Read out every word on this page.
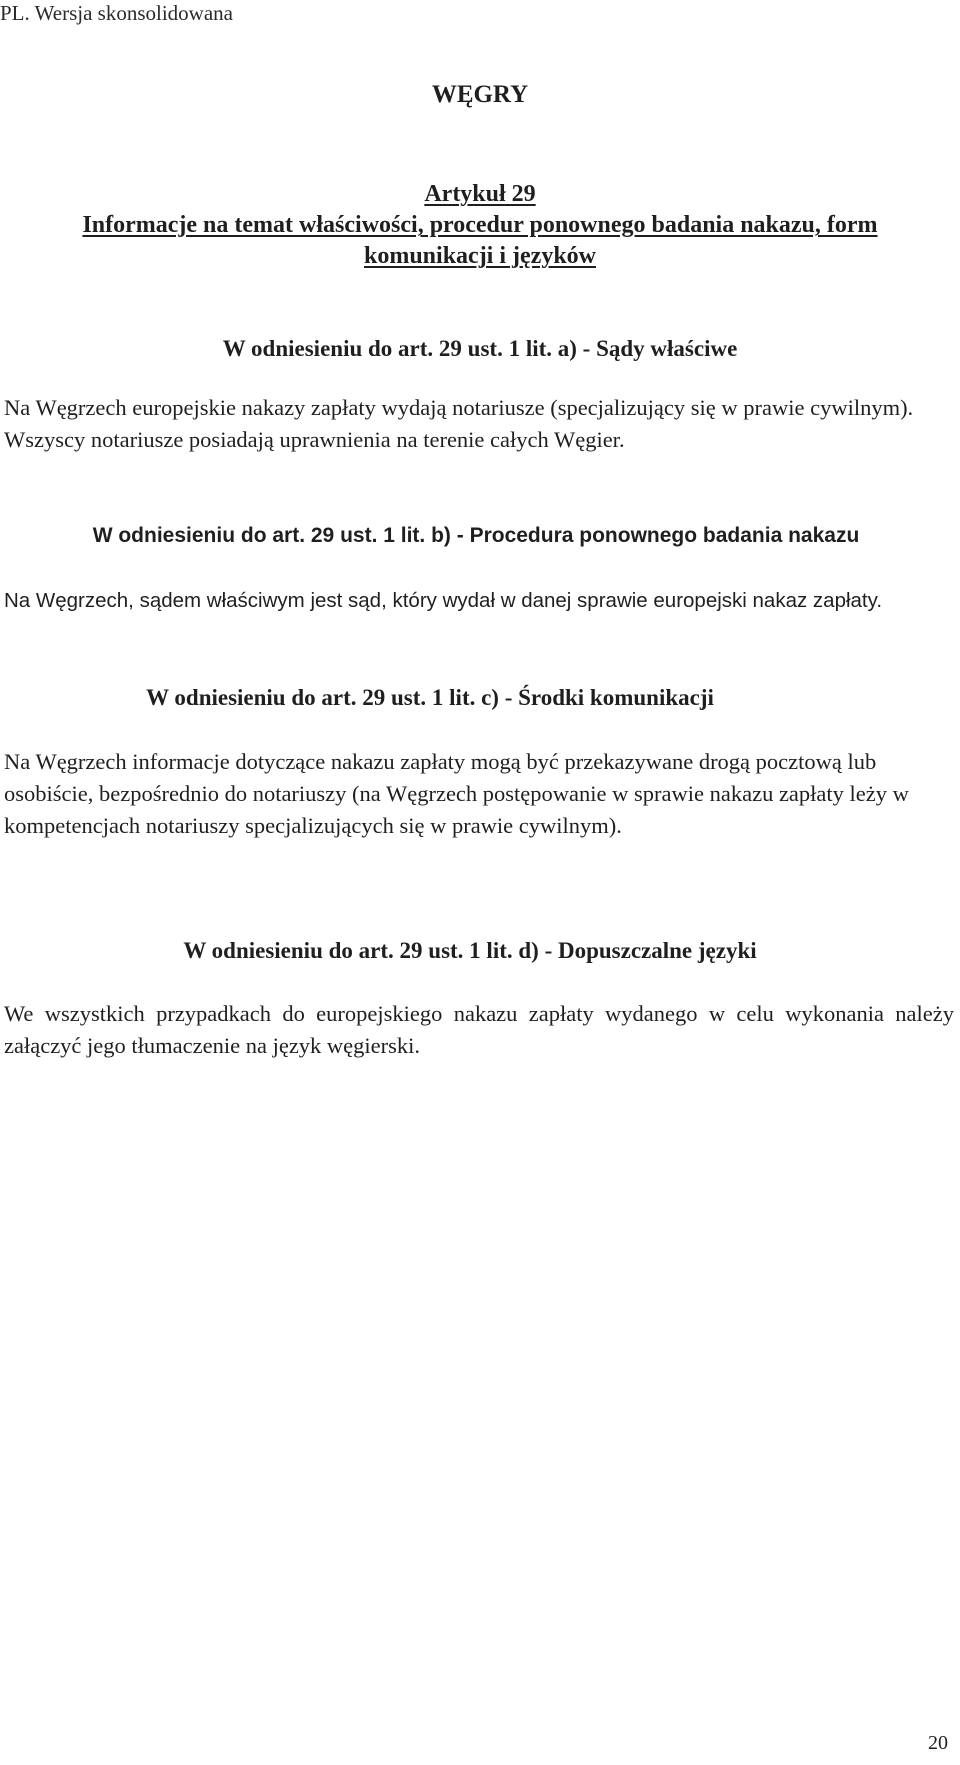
PL. Wersja skonsolidowana
WĘGRY
Artykuł 29
Informacje na temat właściwości, procedur ponownego badania nakazu, form
komunikacji i języków
W odniesieniu do art. 29 ust. 1 lit. a) - Sądy właściwe
Na Węgrzech europejskie nakazy zapłaty wydają notariusze (specjalizujący się w prawie cywilnym). Wszyscy notariusze posiadają uprawnienia na terenie całych Węgier.
W odniesieniu do art. 29 ust. 1 lit. b) - Procedura ponownego badania nakazu
Na Węgrzech, sądem właściwym jest sąd, który wydał w danej sprawie europejski nakaz zapłaty.
W odniesieniu do art. 29 ust. 1 lit. c) - Środki komunikacji
Na Węgrzech informacje dotyczące nakazu zapłaty mogą być przekazywane drogą pocztową lub osobiście, bezpośrednio do notariuszy (na Węgrzech postępowanie w sprawie nakazu zapłaty leży w kompetencjach notariuszy specjalizujących się w prawie cywilnym).
W odniesieniu do art. 29 ust. 1 lit. d) - Dopuszczalne języki
We wszystkich przypadkach do europejskiego nakazu zapłaty wydanego w celu wykonania należy załączyć jego tłumaczenie na język węgierski.
20
